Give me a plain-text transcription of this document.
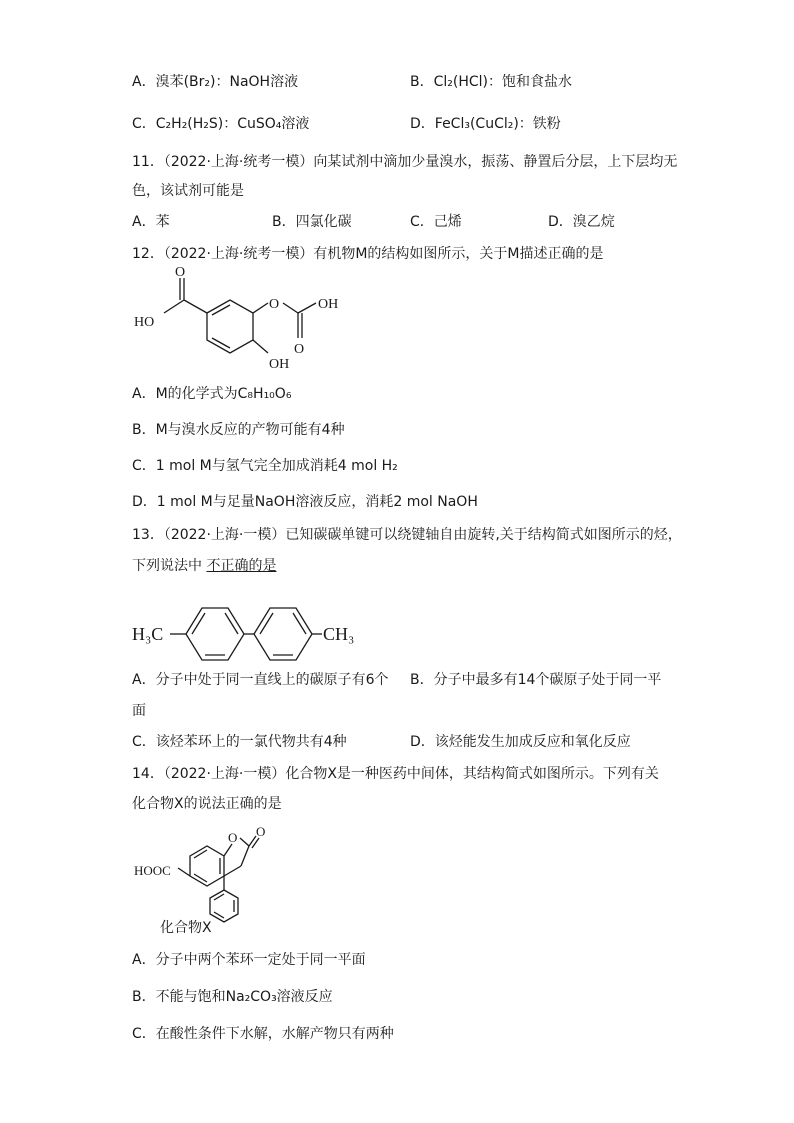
A．溴苯(Br₂)：NaOH溶液	B．Cl₂(HCl)：饱和食盐水
C．C₂H₂(H₂S)：CuSO₄溶液	D．FeCl₃(CuCl₂)：铁粉
11．（2022·上海·统考一模）向某试剂中滴加少量溴水，振荡、静置后分层，上下层均无
色，该试剂可能是
A．苯	B．四氯化碳	C．己烯	D．溴乙烷
12．（2022·上海·统考一模）有机物M的结构如图所示，关于M描述正确的是
O
HO
O	OH
O
OH
A．M的化学式为C₈H₁₀O₆
B．M与溴水反应的产物可能有4种
C．1 mol M与氢气完全加成消耗4 mol H₂
D．1 mol M与足量NaOH溶液反应，消耗2 mol NaOH
13．（2022·上海·一模）已知碳碳单键可以绕键轴自由旋转,关于结构简式如图所示的烃，
下列说法中 不正确的是
H₃C	CH₃
A．分子中处于同一直线上的碳原子有6个 B．分子中最多有14个碳原子处于同一平
面
C．该烃苯环上的一氯代物共有4种	D．该烃能发生加成反应和氧化反应
14．（2022·上海·一模）化合物X是一种医药中间体，其结构简式如图所示。下列有关
化合物X的说法正确的是
O O
HOOC
化合物X
A．分子中两个苯环一定处于同一平面
B．不能与饱和Na₂CO₃溶液反应
C．在酸性条件下水解，水解产物只有两种
